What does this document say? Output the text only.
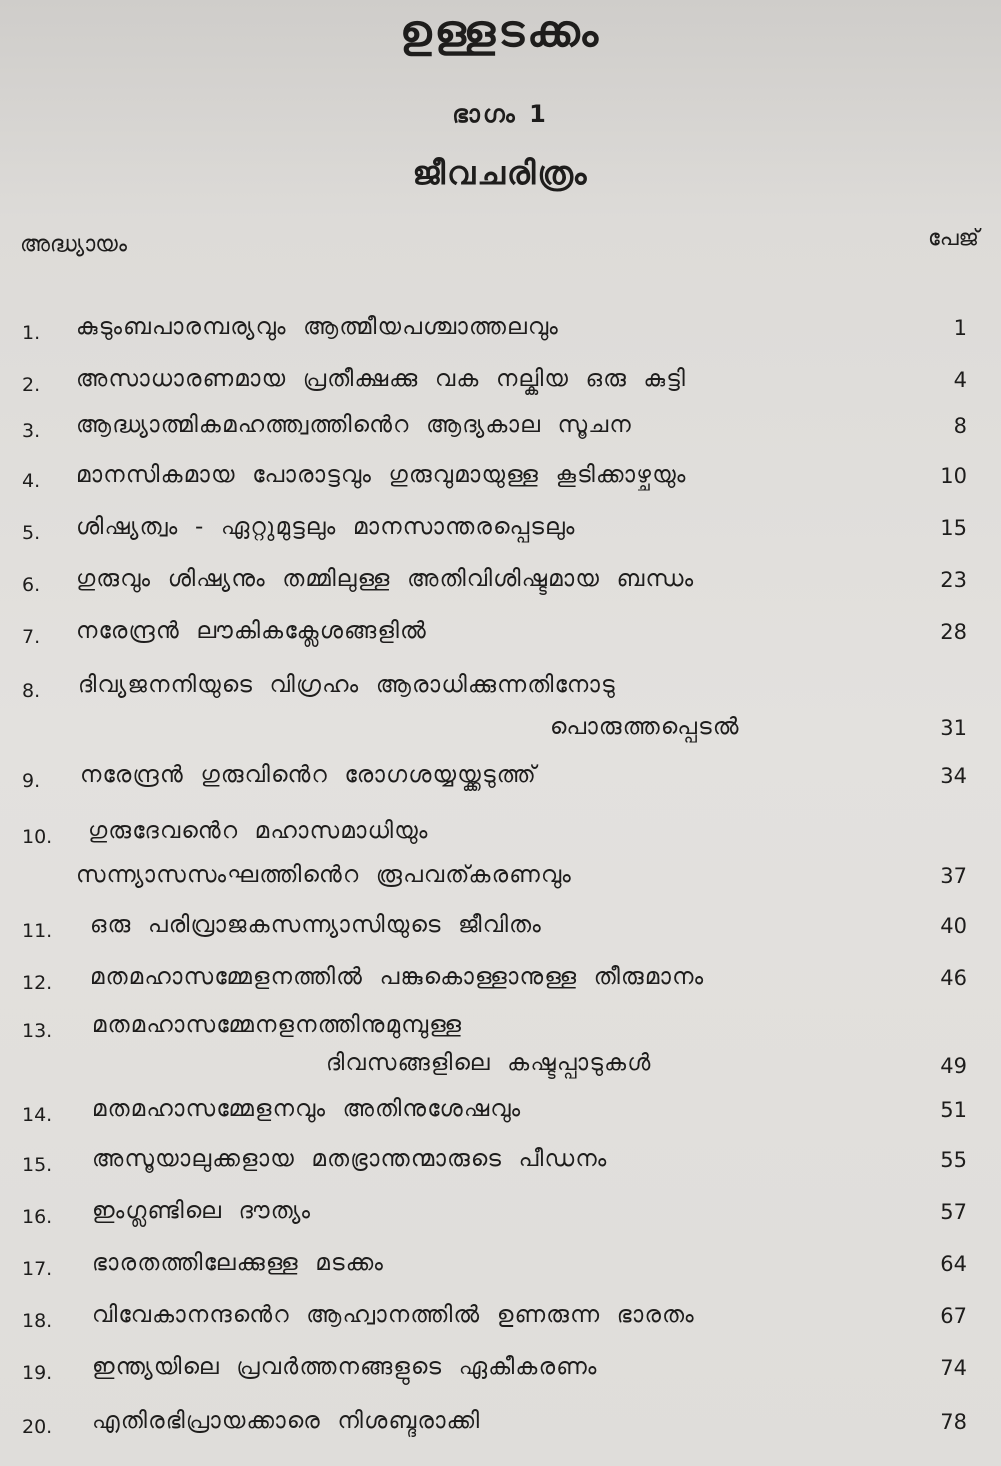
ഉള്ളടക്കം
ഭാഗം 1
ജീവചരിത്രം
അദ്ധ്യായം	പേജ്
1. കുടുംബപാരമ്പര്യവും ആത്മീയപശ്ചാത്തലവും	1
2. അസാധാരണമായ പ്രതീക്ഷക്കു വക നല്കിയ ഒരു കുട്ടി	4
3. ആദ്ധ്യാത്മികമഹത്ത്വത്തിൻെറ ആദ്യകാല സൂചന	8
4. മാനസികമായ പോരാട്ടവും ഗുരുവുമായുള്ള കൂടിക്കാഴ്ചയും	10
5. ശിഷ്യത്വം - ഏറ്റുമുട്ടലും മാനസാന്തരപ്പെടലും	15
6. ഗുരുവും ശിഷ്യനും തമ്മിലുള്ള അതിവിശിഷ്ടമായ ബന്ധം	23
7. നരേന്ദ്രൻ ലൗകികക്ലേശങ്ങളിൽ	28
8. ദിവ്യജനനിയുടെ വിഗ്രഹം ആരാധിക്കുന്നതിനോടു
പൊരുത്തപ്പെടൽ	31
9. നരേന്ദ്രൻ ഗുരുവിൻെറ രോഗശയ്യയ്ക്കടുത്ത്	34
10. ഗുരുദേവൻെറ മഹാസമാധിയും
സന്ന്യാസസംഘത്തിൻെറ രൂപവത്കരണവും	37
11. ഒരു പരിവ്രാജകസന്ന്യാസിയുടെ ജീവിതം	40
12. മതമഹാസമ്മേളനത്തിൽ പങ്കുകൊള്ളാനുള്ള തീരുമാനം	46
13. മതമഹാസമ്മേനളനത്തിനുമുമ്പുള്ള
ദിവസങ്ങളിലെ കഷ്ടപ്പാടുകൾ	49
14. മതമഹാസമ്മേളനവും അതിനുശേഷവും	51
15. അസൂയാലുക്കളായ മതഭ്രാന്തന്മാരുടെ പീഡനം	55
16. ഇംഗ്ലണ്ടിലെ ദൗത്യം	57
17. ഭാരതത്തിലേക്കുള്ള മടക്കം	64
18. വിവേകാനന്ദൻെറ ആഹ്വാനത്തിൽ ഉണരുന്ന ഭാരതം	67
19. ഇന്ത്യയിലെ പ്രവർത്തനങ്ങളുടെ ഏകീകരണം	74
20. എതിരഭിപ്രായക്കാരെ നിശബ്ദരാക്കി	78
